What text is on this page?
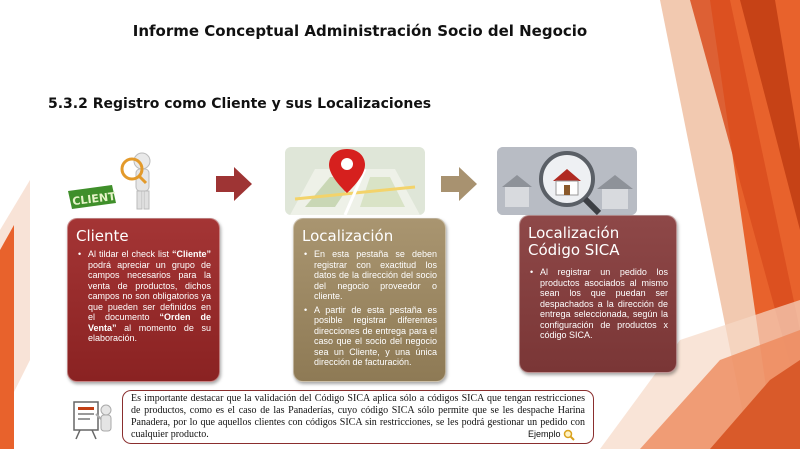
Informe Conceptual Administración Socio del Negocio
5.3.2 Registro como Cliente y sus Localizaciones
CLIENT
Cliente
• Al tildar el check list “Cliente” podrá apreciar un grupo de campos necesarios para la venta de productos, dichos campos no son obligatorios ya que pueden ser definidos en el documento “Orden de Venta” al momento de su elaboración.
Localización
• En esta pestaña se deben registrar con exactitud los datos de la dirección del socio del negocio proveedor o cliente.
• A partir de esta pestaña es posible registrar diferentes direcciones de entrega para el caso que el socio del negocio sea un Cliente, y una única dirección de facturación.
Localización Código SICA
• Al registrar un pedido los productos asociados al mismo sean los que puedan ser despachados a la dirección de entrega seleccionada, según la configuración de productos x código SICA.
Es importante destacar que la validación del Código SICA aplica sólo a códigos SICA que tengan restricciones de productos, como es el caso de las Panaderías, cuyo código SICA sólo permite que se les despache Harina Panadera, por lo que aquellos clientes con códigos SICA sin restricciones, se les podrá gestionar un pedido con cualquier producto.	Ejemplo
